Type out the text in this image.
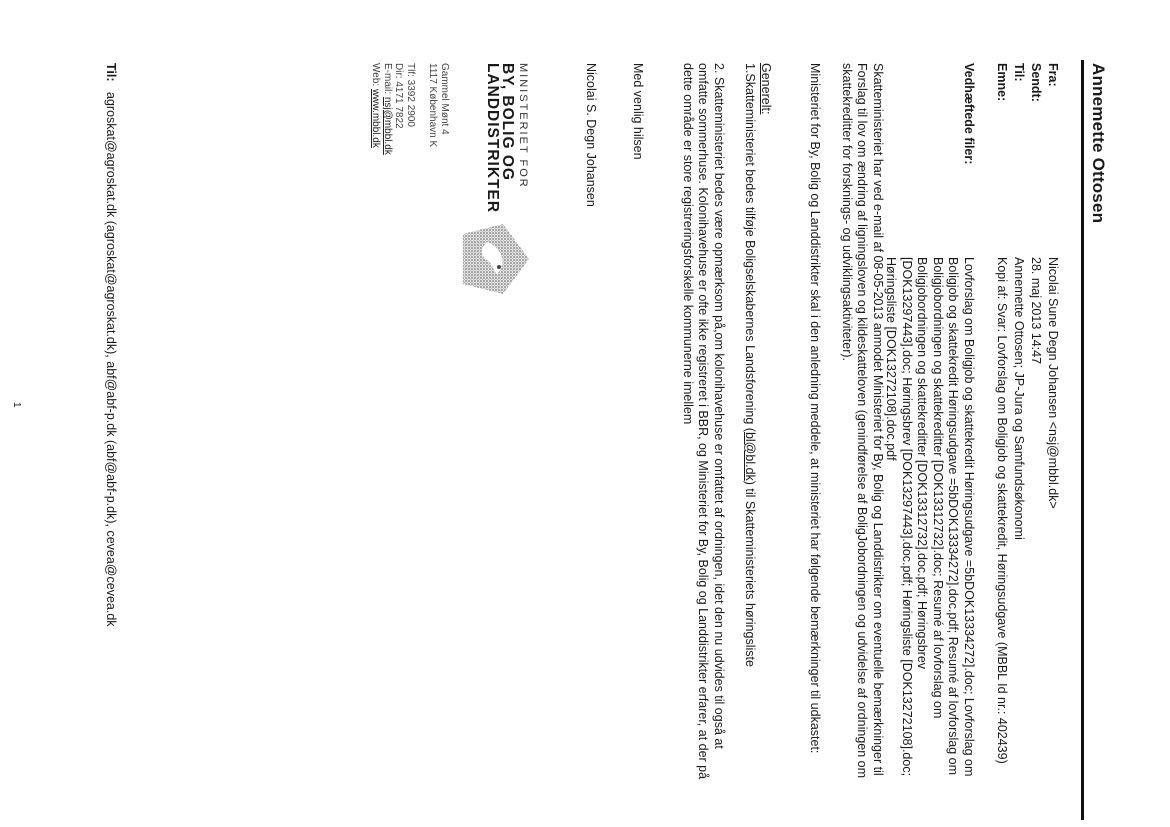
Annemette Ottosen
Fra:
Nicolai Sune Degn Johansen <nsj@mbbl.dk>
Sendt:
28. maj 2013 14:47
Til:
Annemette Ottosen; JP-Jura og Samfundsøkonomi
Emne:
Kopi af: Svar: Lovforslag om Boligjob og skattekredit, Høringsudgave (MBBL Id nr.: 402439)
Vedhæftede filer:
Lovforslag om Boligjob og skattekredit Høringsudgave =5bDOK13334272].doc; Lovforslag om Boligjob og skattekredit Høringsudgave =5bDOK13334272].doc.pdf; Resumé af lovforslag om Boligjobordningen og skattekreditter [DOK13312732].doc; Resumé af lovforslag om Boligjobordningen og skattekreditter [DOK13312732].doc.pdf; Høringsbrev [DOK13297443].doc; Høringsbrev [DOK13297443].doc.pdf; Høringsliste [DOK13272108].doc; Høringsliste [DOK13272108].doc.pdf
Skatteministeriet har ved e-mail af 08-05-2013 anmodet Ministeriet for By, Bolig og Landdistrikter om eventuelle bemærkninger til Forslag til lov om ændring af ligningsloven og kildeskatteloven (genindførelse af BoligJobordningen og udvidelse af ordningen om skattekreditter for forsknings- og udviklingsaktiviteter).
Ministeriet for By, Bolig og Landdistrikter skal i den anledning meddele, at ministeriet har følgende bemærkninger til udkastet:
Generelt:
1.Skatteministeriet bedes tilføje Boligselskabernes Landsforening (bl@bl.dk) til Skatteministeriets høringsliste
2. Skatteministeriet bedes være opmærksom på,om kolonihavehuse er omfattet af ordningen, idet den nu udvides til også at omfatte sommerhuse. Kolonihavehuse er ofte ikke registreret i BBR, og Ministeriet for By, Bolig og Landdistrikter erfarer, at der på dette område er store registreringsforskelle kommunerne imellem
Med venlig hilsen
Nicolai S. Degn Johansen
MINISTERIET FOR
BY, BOLIG OG
LANDDISTRIKTER
Gammel Mønt 4
1117 København K
Tlf: 3392 2900
Dir: 4171 7822
E-mail: nsj@mbbl.dk
Web: www.mbbl.dk
Til:
agroskat@agroskat.dk (agroskat@agroskat.dk), abf@abf-p.dk (abf@abf-p.dk), cevea@cevea.dk
1
